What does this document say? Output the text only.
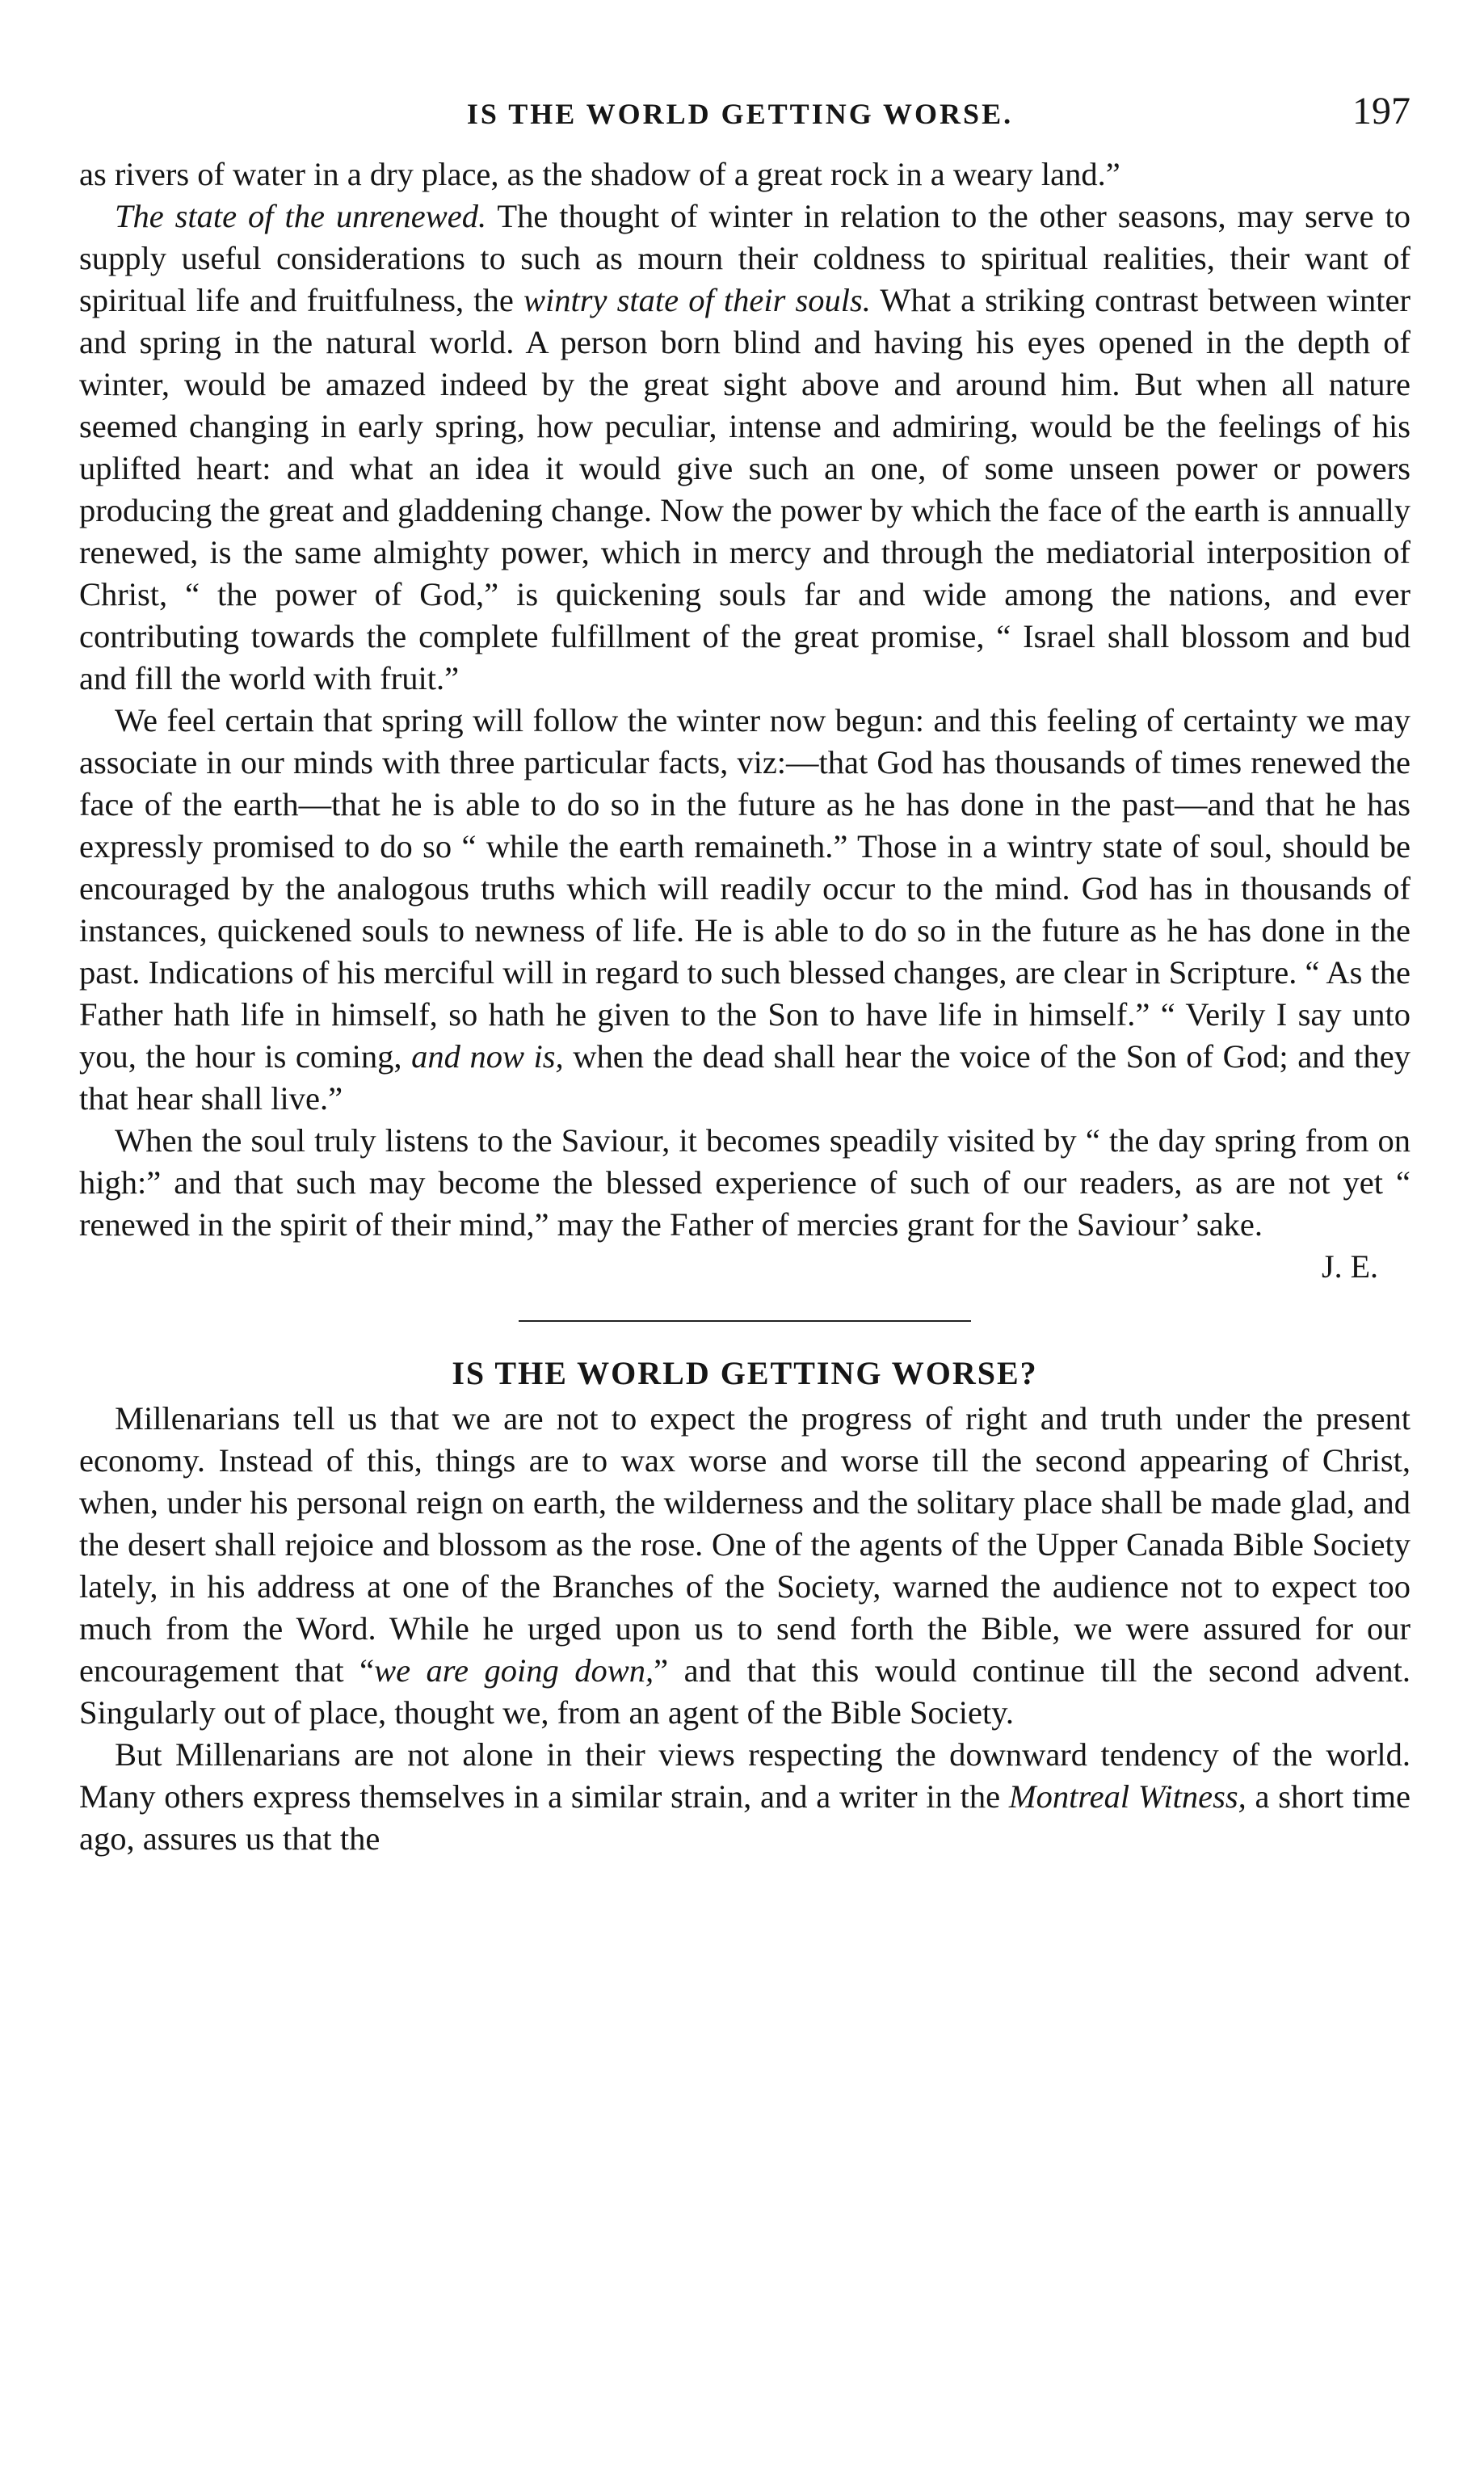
IS THE WORLD GETTING WORSE.	197

as rivers of water in a dry place, as the shadow of a great rock in a weary land.”

The state of the unrenewed. The thought of winter in relation to the other seasons, may serve to supply useful considerations to such as mourn their coldness to spiritual realities, their want of spiritual life and fruitfulness, the wintry state of their souls. What a striking contrast between winter and spring in the natural world. A person born blind and having his eyes opened in the depth of winter, would be amazed indeed by the great sight above and around him. But when all nature seemed changing in early spring, how peculiar, intense and admiring, would be the feelings of his uplifted heart: and what an idea it would give such an one, of some unseen power or powers producing the great and gladdening change. Now the power by which the face of the earth is annually renewed, is the same almighty power, which in mercy and through the mediatorial interposition of Christ, “ the power of God,” is quickening souls far and wide among the nations, and ever contributing towards the complete fulfillment of the great promise, “ Israel shall blossom and bud and fill the world with fruit.”

We feel certain that spring will follow the winter now begun: and this feeling of certainty we may associate in our minds with three particular facts, viz:—that God has thousands of times renewed the face of the earth—that he is able to do so in the future as he has done in the past—and that he has expressly promised to do so “ while the earth remaineth.” Those in a wintry state of soul, should be encouraged by the analogous truths which will readily occur to the mind. God has in thousands of instances, quickened souls to newness of life. He is able to do so in the future as he has done in the past. Indications of his merciful will in regard to such blessed changes, are clear in Scripture. “ As the Father hath life in himself, so hath he given to the Son to have life in himself.” “ Verily I say unto you, the hour is coming, and now is, when the dead shall hear the voice of the Son of God; and they that hear shall live.”

When the soul truly listens to the Saviour, it becomes speadily visited by “ the day spring from on high:” and that such may become the blessed experience of such of our readers, as are not yet “ renewed in the spirit of their mind,” may the Father of mercies grant for the Saviour’ sake.

J. E.
IS THE WORLD GETTING WORSE?

Millenarians tell us that we are not to expect the progress of right and truth under the present economy. Instead of this, things are to wax worse and worse till the second appearing of Christ, when, under his personal reign on earth, the wilderness and the solitary place shall be made glad, and the desert shall rejoice and blossom as the rose. One of the agents of the Upper Canada Bible Society lately, in his address at one of the Branches of the Society, warned the audience not to expect too much from the Word. While he urged upon us to send forth the Bible, we were assured for our encouragement that “we are going down,” and that this would continue till the second advent. Singularly out of place, thought we, from an agent of the Bible Society.

But Millenarians are not alone in their views respecting the downward tendency of the world. Many others express themselves in a similar strain, and a writer in the Montreal Witness, a short time ago, assures us that the
